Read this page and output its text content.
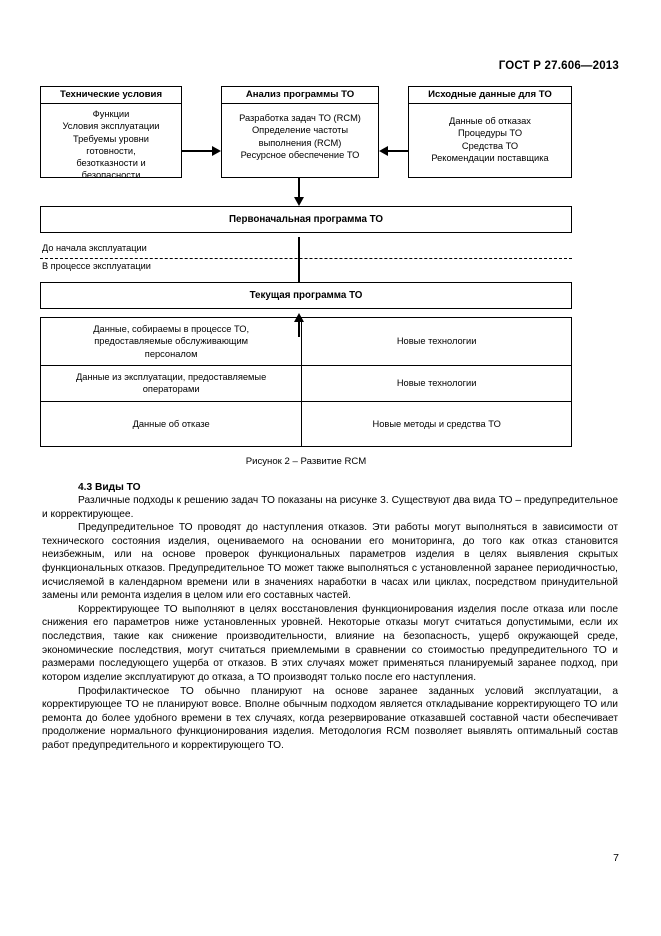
ГОСТ Р 27.606—2013
Технические условия
Функции
Условия эксплуатации
Требуемы уровни
готовности,
безотказности и
безопасности
Анализ программы ТО
Разработка задач ТО (RCM)
Определение частоты
выполнения (RCM)
Ресурсное обеспечение ТО
Исходные данные для ТО
Данные об отказах
Процедуры ТО
Средства ТО
Рекомендации поставщика
Первоначальная программа ТО
До начала эксплуатации
В процессе эксплуатации
Текущая программа ТО
Данные, собираемы в процессе ТО,
предоставляемые обслуживающим
персоналом	Новые технологии
Данные из эксплуатации, предоставляемые
операторами	Новые технологии
Данные об отказе	Новые методы и средства ТО
Рисунок 2 – Развитие RCM
4.3 Виды ТО

Различные подходы к решению задач ТО показаны на рисунке 3. Существуют два вида ТО – предупредительное и корректирующее.

Предупредительное ТО проводят до наступления отказов. Эти работы могут выполняться в зависимости от технического состояния изделия, оцениваемого на основании его мониторинга, до того как отказ становится неизбежным, или на основе проверок функциональных параметров изделия в целях выявления скрытых функциональных отказов. Предупредительное ТО может также выполняться с установленной заранее периодичностью, исчисляемой в календарном времени или в значениях наработки в часах или циклах, посредством принудительной замены или ремонта изделия в целом или его составных частей.

Корректирующее ТО выполняют в целях восстановления функционирования изделия после отказа или после снижения его параметров ниже установленных уровней. Некоторые отказы могут считаться допустимыми, если их последствия, такие как снижение производительности, влияние на безопасность, ущерб окружающей среде, экономические последствия, могут считаться приемлемыми в сравнении со стоимостью предупредительного ТО и размерами последующего ущерба от отказов. В этих случаях может применяться планируемый заранее подход, при котором изделие эксплуатируют до отказа, а ТО производят только после его наступления.

Профилактическое ТО обычно планируют на основе заранее заданных условий эксплуатации, а корректирующее ТО не планируют вовсе. Вполне обычным подходом является откладывание корректирующего ТО или ремонта до более удобного времени в тех случаях, когда резервирование отказавшей составной части обеспечивает продолжение нормального функционирования изделия. Методология RCM позволяет выявлять оптимальный состав работ предупредительного и корректирующего ТО.

7
